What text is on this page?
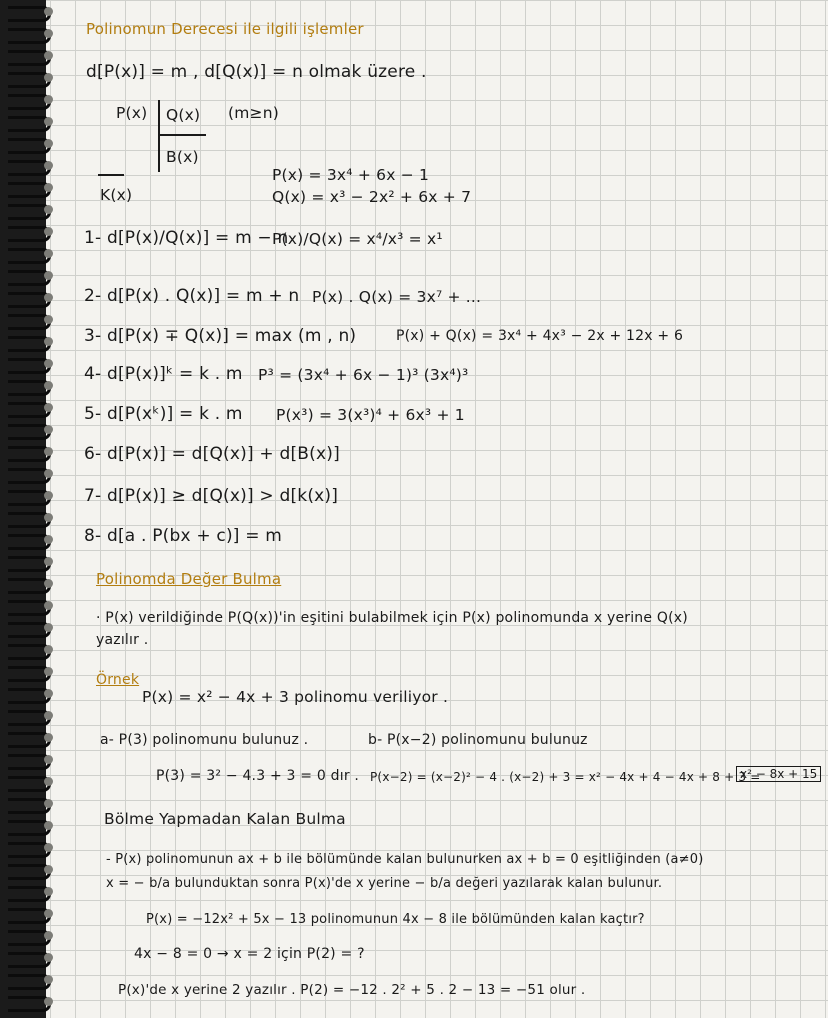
Polinomun Derecesi ile ilgili işlemler
d[P(x)] = m , d[Q(x)] = n olmak üzere .
P(x) Q(x) (m≥n)
B(x)
K(x)
P(x) = 3x⁴ + 6x − 1
Q(x) = x³ − 2x² + 6x + 7
1- d[P(x)/Q(x)] = m − n
P(x)/Q(x) = x⁴/x³ = x¹
2- d[P(x) . Q(x)] = m + n P(x) . Q(x) = 3x⁷ + ...
3- d[P(x) ∓ Q(x)] = max (m , n)	P(x) + Q(x) = 3x⁴ + 4x³ − 2x + 12x + 6
4- d[P(x)]ᵏ = k . m P³ = (3x⁴ + 6x − 1)³ (3x⁴)³
5- d[P(xᵏ)] = k . m P(x³) = 3(x³)⁴ + 6x³ + 1
6- d[P(x)] = d[Q(x)] + d[B(x)]
7- d[P(x)] ≥ d[Q(x)] > d[k(x)]
8- d[a . P(bx + c)] = m
Polinomda Değer Bulma
· P(x) verildiğinde P(Q(x))'in eşitini bulabilmek için P(x) polinomunda x yerine Q(x)
yazılır .
Örnek
P(x) = x² − 4x + 3 polinomu veriliyor .
a- P(3) polinomunu bulunuz .	b- P(x−2) polinomunu bulunuz
P(3) = 3² − 4.3 + 3 = 0 dır . P(x−2) = (x−2)² − 4 . (x−2) + 3 = x² − 4x + 4 − 4x + 8 + 3 =
x² − 8x + 15
Bölme Yapmadan Kalan Bulma
- P(x) polinomunun ax + b ile bölümünde kalan bulunurken ax + b = 0 eşitliğinden (a≠0)
x = − b/a bulunduktan sonra P(x)'de x yerine − b/a değeri yazılarak kalan bulunur.
P(x) = −12x² + 5x − 13 polinomunun 4x − 8 ile bölümünden kalan kaçtır?
4x − 8 = 0 → x = 2 için P(2) = ?
P(x)'de x yerine 2 yazılır . P(2) = −12 . 2² + 5 . 2 − 13 = −51 olur .
